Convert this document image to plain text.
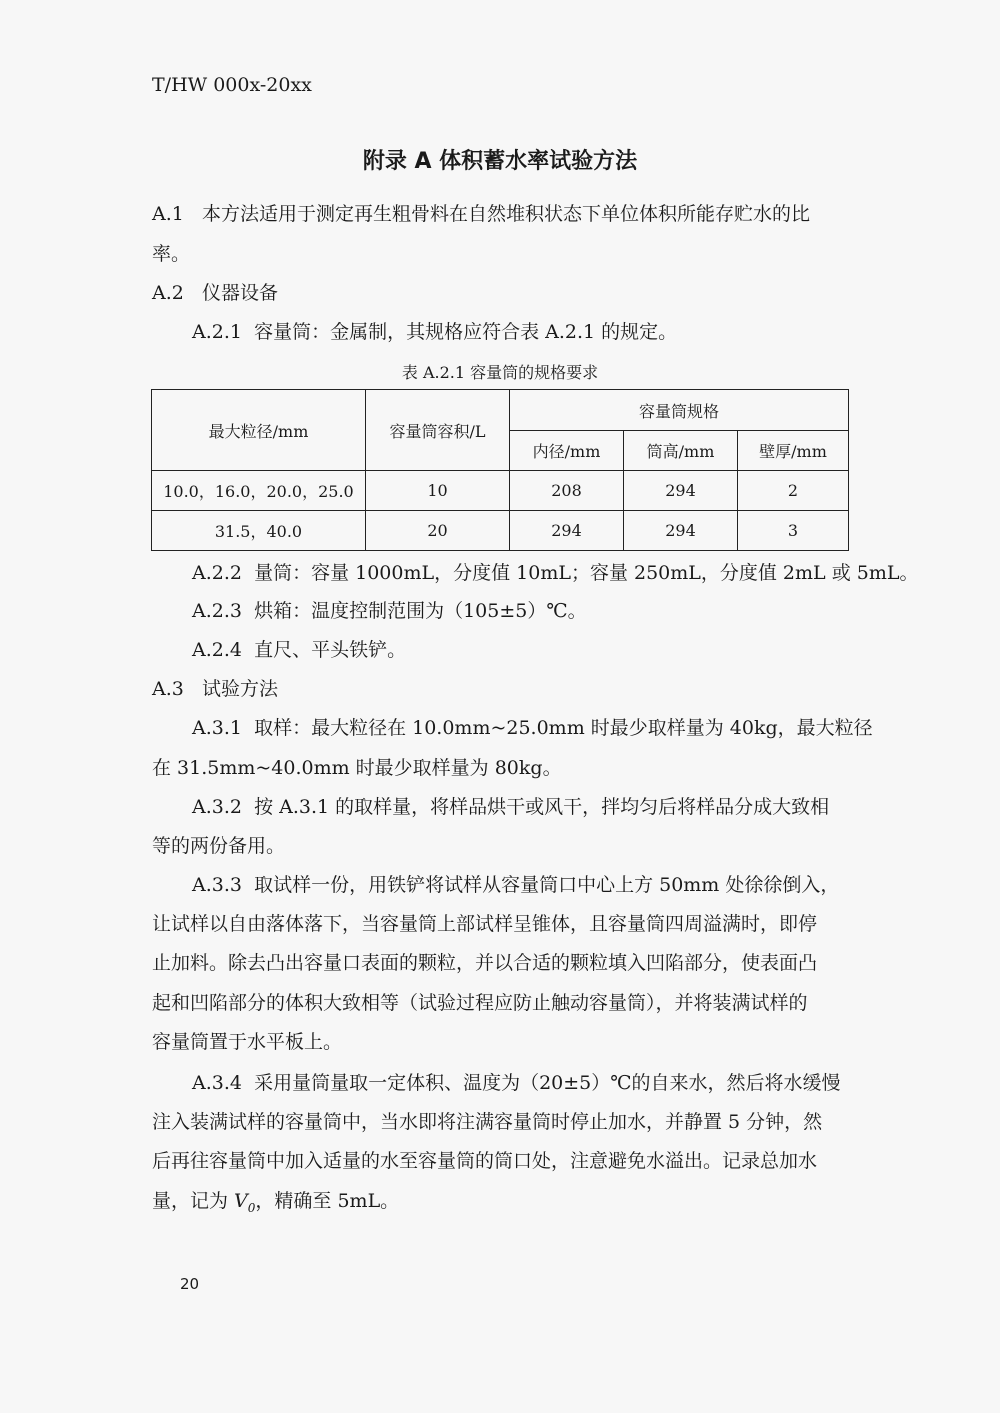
T/HW 000x-20xx
附录 A 体积蓄水率试验方法
A.1 本方法适用于测定再生粗骨料在自然堆积状态下单位体积所能存贮水的比
率。
A.2 仪器设备
A.2.1 容量筒：金属制，其规格应符合表 A.2.1 的规定。
表 A.2.1 容量筒的规格要求
最大粒径/mm	容量筒容积/L	容量筒规格		
		内径/mm	筒高/mm	壁厚/mm
10.0，16.0，20.0，25.0	10	208	294	2
31.5，40.0	20	294	294	3
A.2.2 量筒：容量 1000mL，分度值 10mL；容量 250mL，分度值 2mL 或 5mL。
A.2.3 烘箱：温度控制范围为（105±5）℃。
A.2.4 直尺、平头铁铲。
A.3 试验方法
A.3.1 取样：最大粒径在 10.0mm~25.0mm 时最少取样量为 40kg，最大粒径
在 31.5mm~40.0mm 时最少取样量为 80kg。
A.3.2 按 A.3.1 的取样量，将样品烘干或风干，拌均匀后将样品分成大致相
等的两份备用。
A.3.3 取试样一份，用铁铲将试样从容量筒口中心上方 50mm 处徐徐倒入，
让试样以自由落体落下，当容量筒上部试样呈锥体，且容量筒四周溢满时，即停
止加料。除去凸出容量口表面的颗粒，并以合适的颗粒填入凹陷部分，使表面凸
起和凹陷部分的体积大致相等（试验过程应防止触动容量筒），并将装满试样的
容量筒置于水平板上。
A.3.4 采用量筒量取一定体积、温度为（20±5）℃的自来水，然后将水缓慢
注入装满试样的容量筒中，当水即将注满容量筒时停止加水，并静置 5 分钟，然
后再往容量筒中加入适量的水至容量筒的筒口处，注意避免水溢出。记录总加水
量，记为 $V_0$，精确至 5mL。
20
